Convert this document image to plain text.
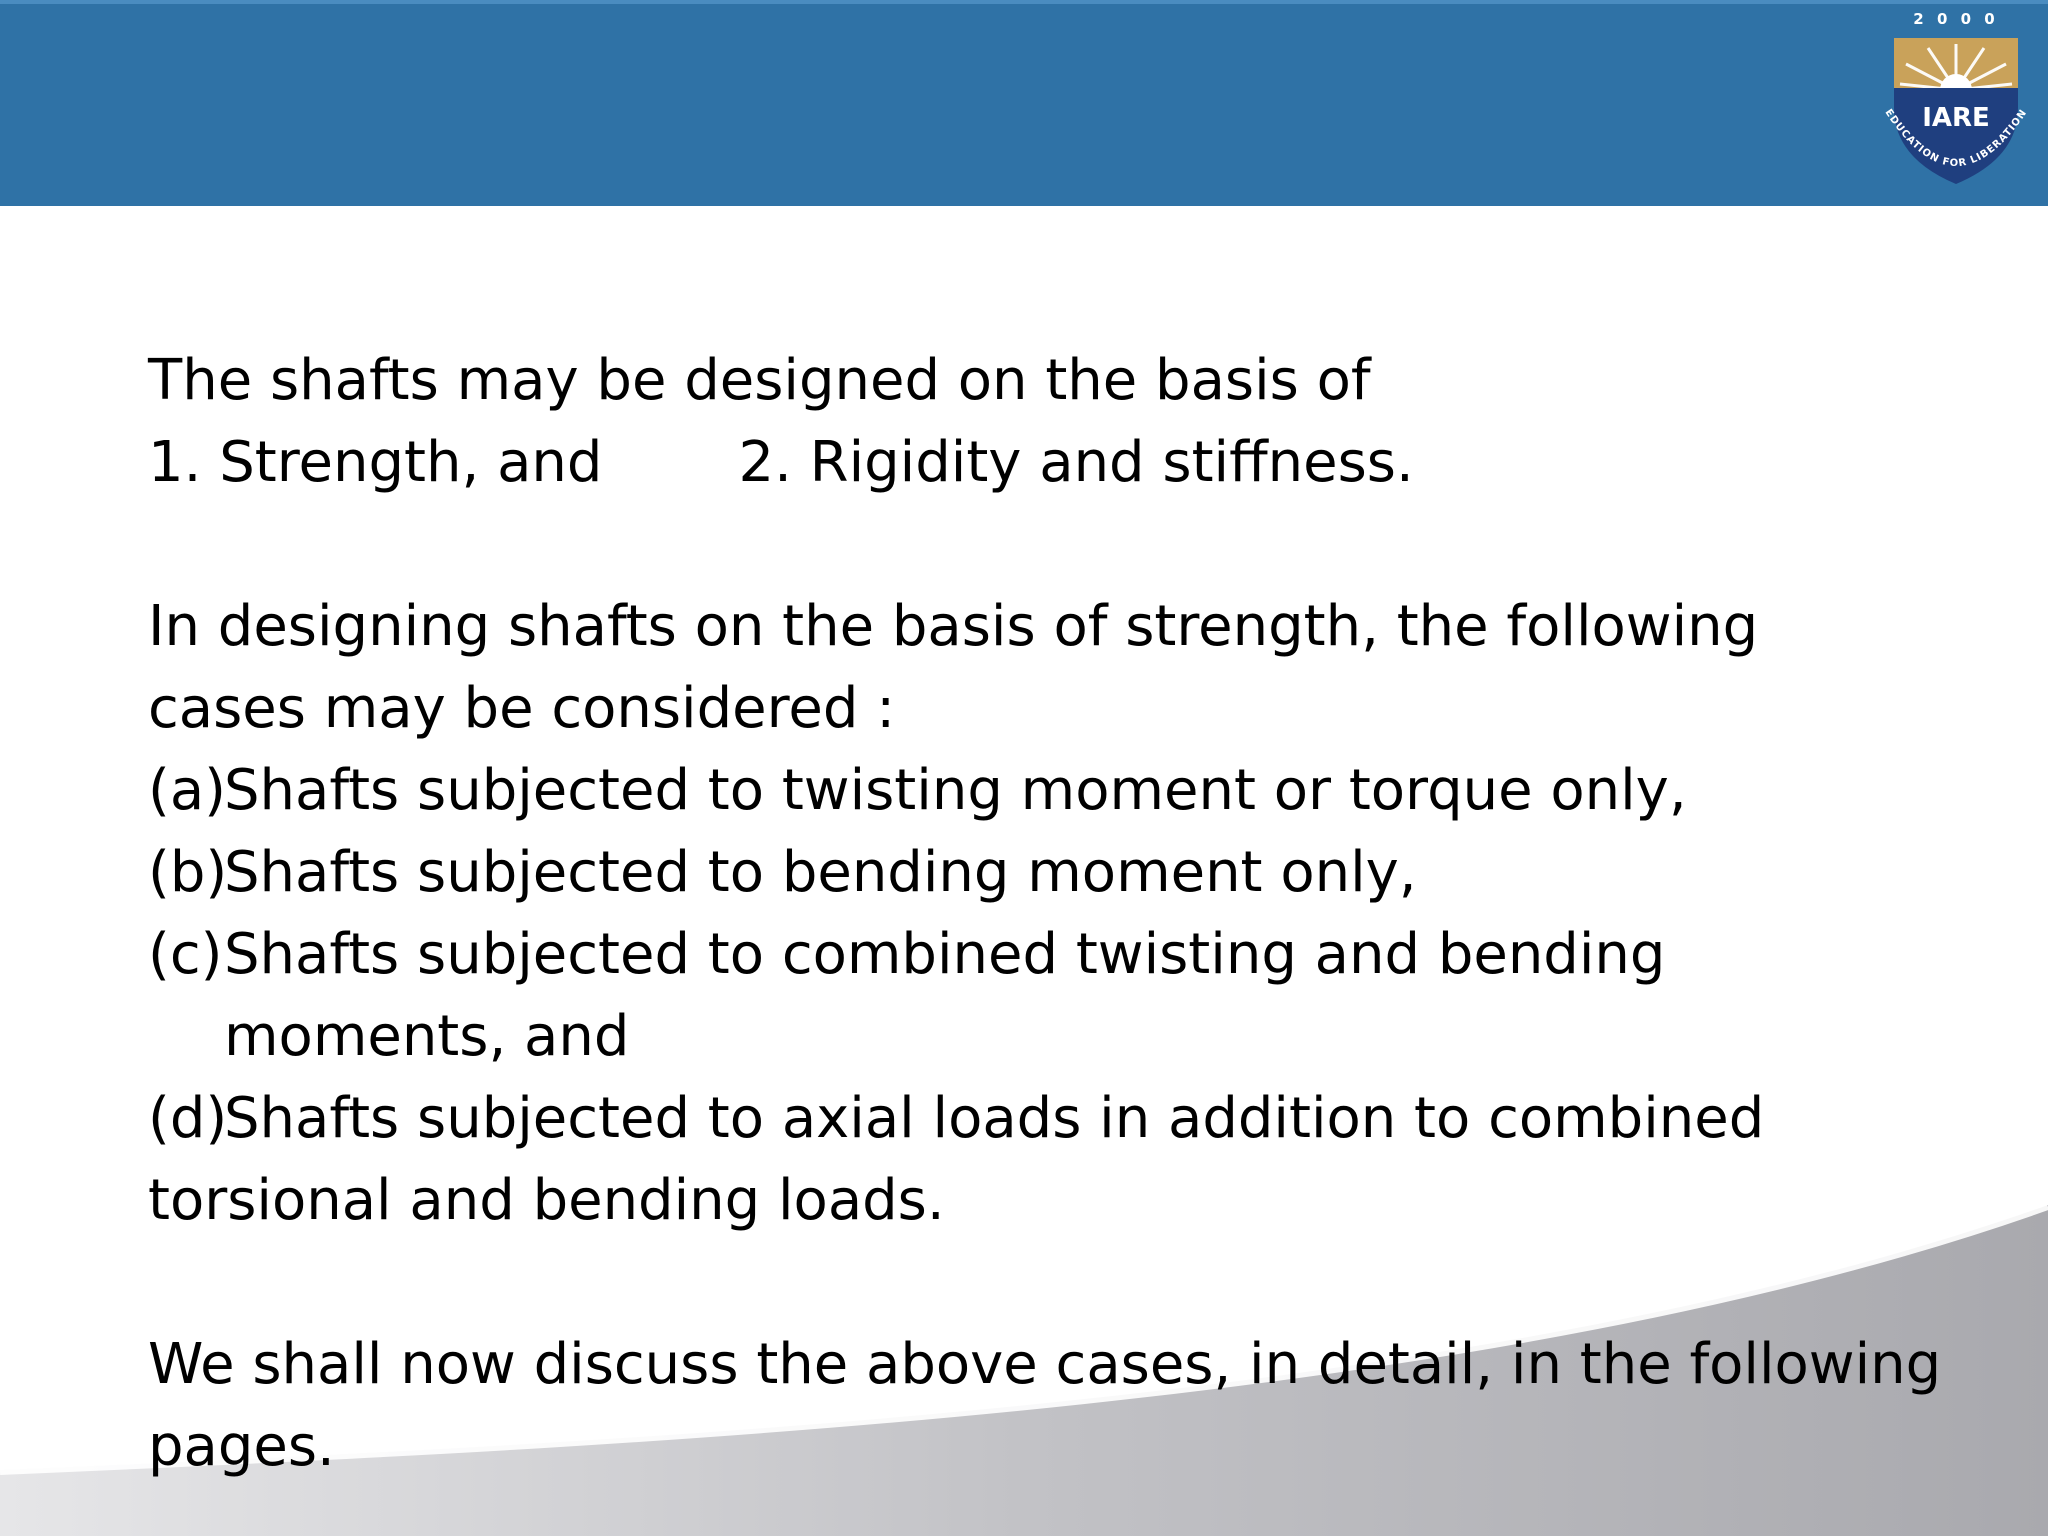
2 0 0 0
IARE
EDUCATION FOR LIBERATION
The shafts may be designed on the basis of
1. Strength, and 2. Rigidity and stiffness.
In designing shafts on the basis of strength, the following
cases may be considered :
(a)
Shafts subjected to twisting moment or torque only,
(b)
Shafts subjected to bending moment only,
(c) Shafts subjected to combined twisting and bending
moments, and
(d)
Shafts subjected to axial loads in addition to combined
torsional and bending loads.
We shall now discuss the above cases, in detail, in the following
pages.
